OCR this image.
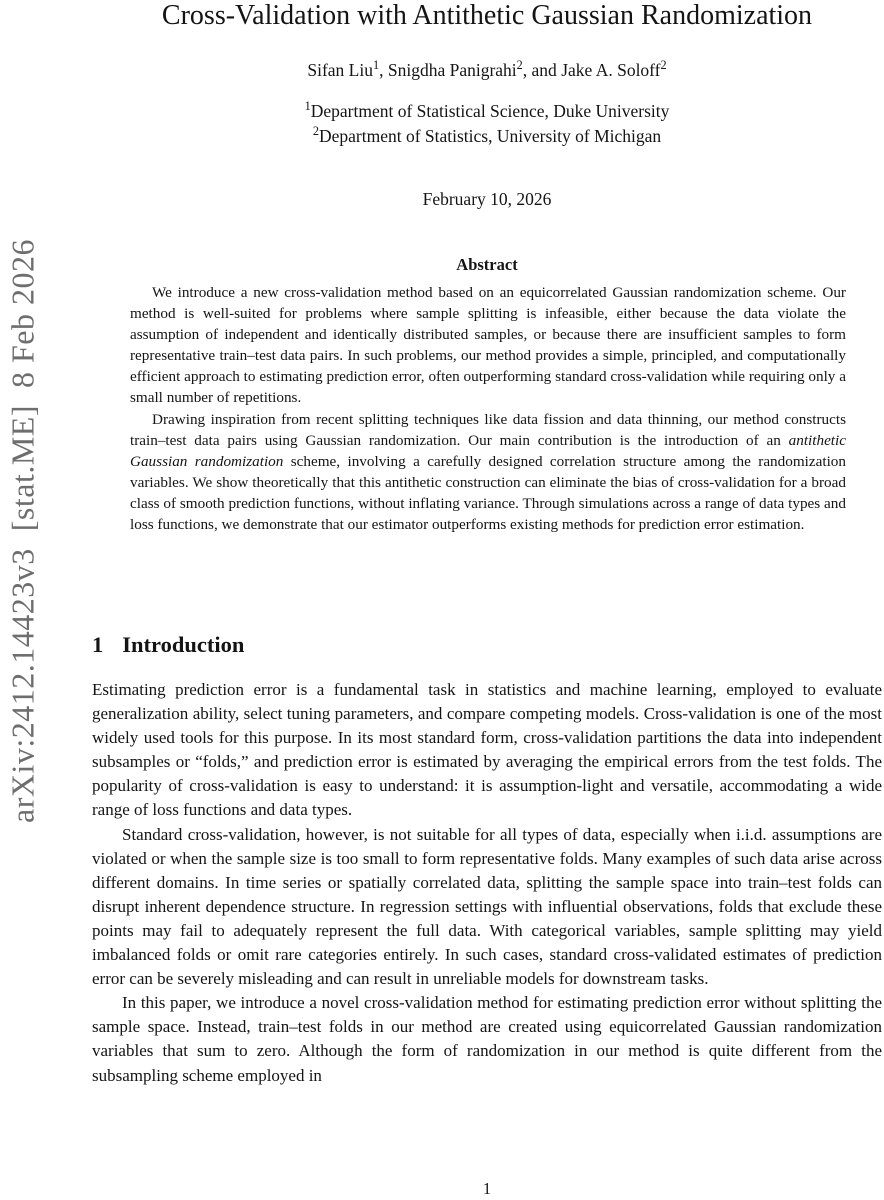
arXiv:2412.14423v3  [stat.ME]  8 Feb 2026
Cross-Validation with Antithetic Gaussian Randomization
Sifan Liu$^1$, Snigdha Panigrahi$^2$, and Jake A. Soloff$^2$
$^1$Department of Statistical Science, Duke University
$^2$Department of Statistics, University of Michigan
February 10, 2026
Abstract

We introduce a new cross-validation method based on an equicorrelated Gaussian randomization scheme. Our method is well-suited for problems where sample splitting is infeasible, either because the data violate the assumption of independent and identically distributed samples, or because there are insufficient samples to form representative train–test data pairs. In such problems, our method provides a simple, principled, and computationally efficient approach to estimating prediction error, often outperforming standard cross-validation while requiring only a small number of repetitions.

Drawing inspiration from recent splitting techniques like data fission and data thinning, our method constructs train–test data pairs using Gaussian randomization. Our main contribution is the introduction of an antithetic Gaussian randomization scheme, involving a carefully designed correlation structure among the randomization variables. We show theoretically that this antithetic construction can eliminate the bias of cross-validation for a broad class of smooth prediction functions, without inflating variance. Through simulations across a range of data types and loss functions, we demonstrate that our estimator outperforms existing methods for prediction error estimation.

1 Introduction

Estimating prediction error is a fundamental task in statistics and machine learning, employed to evaluate generalization ability, select tuning parameters, and compare competing models. Cross-validation is one of the most widely used tools for this purpose. In its most standard form, cross-validation partitions the data into independent subsamples or “folds,” and prediction error is estimated by averaging the empirical errors from the test folds. The popularity of cross-validation is easy to understand: it is assumption-light and versatile, accommodating a wide range of loss functions and data types.

Standard cross-validation, however, is not suitable for all types of data, especially when i.i.d. assumptions are violated or when the sample size is too small to form representative folds. Many examples of such data arise across different domains. In time series or spatially correlated data, splitting the sample space into train–test folds can disrupt inherent dependence structure. In regression settings with influential observations, folds that exclude these points may fail to adequately represent the full data. With categorical variables, sample splitting may yield imbalanced folds or omit rare categories entirely. In such cases, standard cross-validated estimates of prediction error can be severely misleading and can result in unreliable models for downstream tasks.

In this paper, we introduce a novel cross-validation method for estimating prediction error without splitting the sample space. Instead, train–test folds in our method are created using equicorrelated Gaussian randomization variables that sum to zero. Although the form of randomization in our method is quite different from the subsampling scheme employed in

1
